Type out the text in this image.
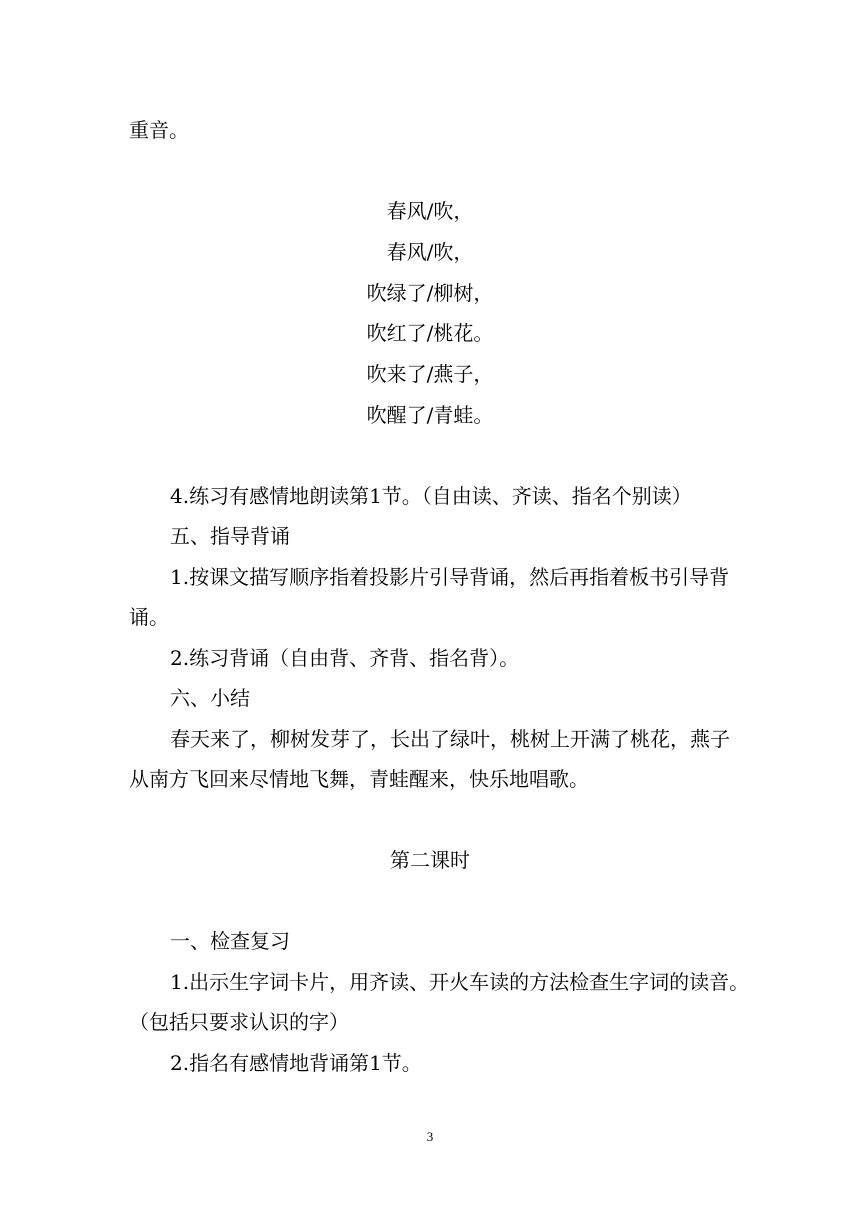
重音。

春风/吹，

春风/吹，

吹绿了/柳树，

吹红了/桃花。

吹来了/燕子，

吹醒了/青蛙。

4.练习有感情地朗读第1节。（自由读、齐读、指名个别读）

五、指导背诵

1.按课文描写顺序指着投影片引导背诵，然后再指着板书引导背

诵。

2.练习背诵（自由背、齐背、指名背）。

六、小结

春天来了，柳树发芽了，长出了绿叶，桃树上开满了桃花，燕子

从南方飞回来尽情地飞舞，青蛙醒来，快乐地唱歌。

第二课时

一、检查复习

1.出示生字词卡片，用齐读、开火车读的方法检查生字词的读音。

（包括只要求认识的字）

2.指名有感情地背诵第1节。

3
